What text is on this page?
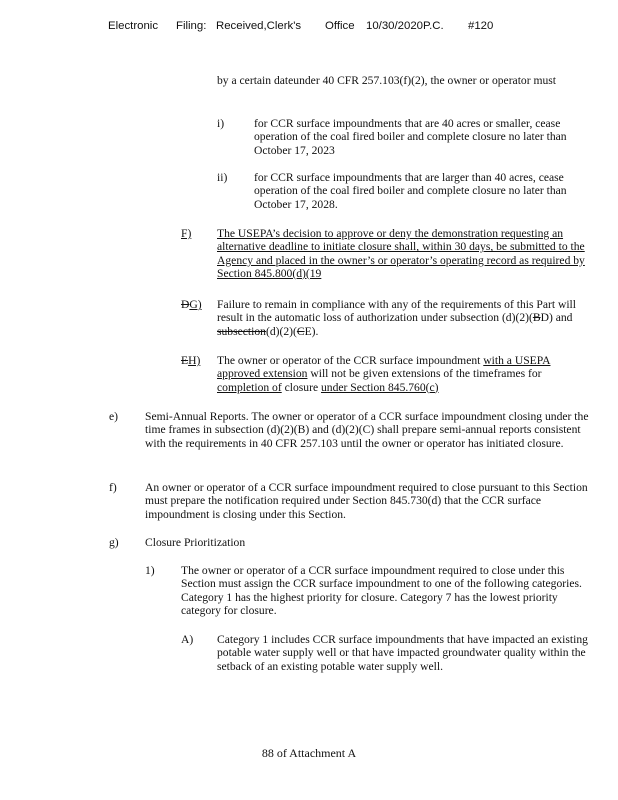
Electronic Filing: Received,Clerk's Office 10/30/2020P.C. #120
by a certain dateunder 40 CFR 257.103(f)(2), the owner or operator must
i)	for CCR surface impoundments that are 40 acres or smaller, cease operation of the coal fired boiler and complete closure no later than October 17, 2023
ii) for CCR surface impoundments that are larger than 40 acres, cease operation of the coal fired boiler and complete closure no later than October 17, 2028.
F) The USEPA’s decision to approve or deny the demonstration requesting an alternative deadline to initiate closure shall, within 30 days, be submitted to the Agency and placed in the owner’s or operator’s operating record as required by Section 845.800(d)(19
DG) Failure to remain in compliance with any of the requirements of this Part will result in the automatic loss of authorization under subsection (d)(2)(BD) and subsection(d)(2)(CE).
EH) The owner or operator of the CCR surface impoundment with a USEPA approved extension will not be given extensions of the timeframes for completion of closure under Section 845.760(c)
e) Semi-Annual Reports. The owner or operator of a CCR surface impoundment closing under the time frames in subsection (d)(2)(B) and (d)(2)(C) shall prepare semi-annual reports consistent with the requirements in 40 CFR 257.103 until the owner or operator has initiated closure.
f) An owner or operator of a CCR surface impoundment required to close pursuant to this Section must prepare the notification required under Section 845.730(d) that the CCR surface impoundment is closing under this Section.
g) Closure Prioritization
1) The owner or operator of a CCR surface impoundment required to close under this Section must assign the CCR surface impoundment to one of the following categories. Category 1 has the highest priority for closure. Category 7 has the lowest priority category for closure.
A) Category 1 includes CCR surface impoundments that have impacted an existing potable water supply well or that have impacted groundwater quality within the setback of an existing potable water supply well.
88 of Attachment A
